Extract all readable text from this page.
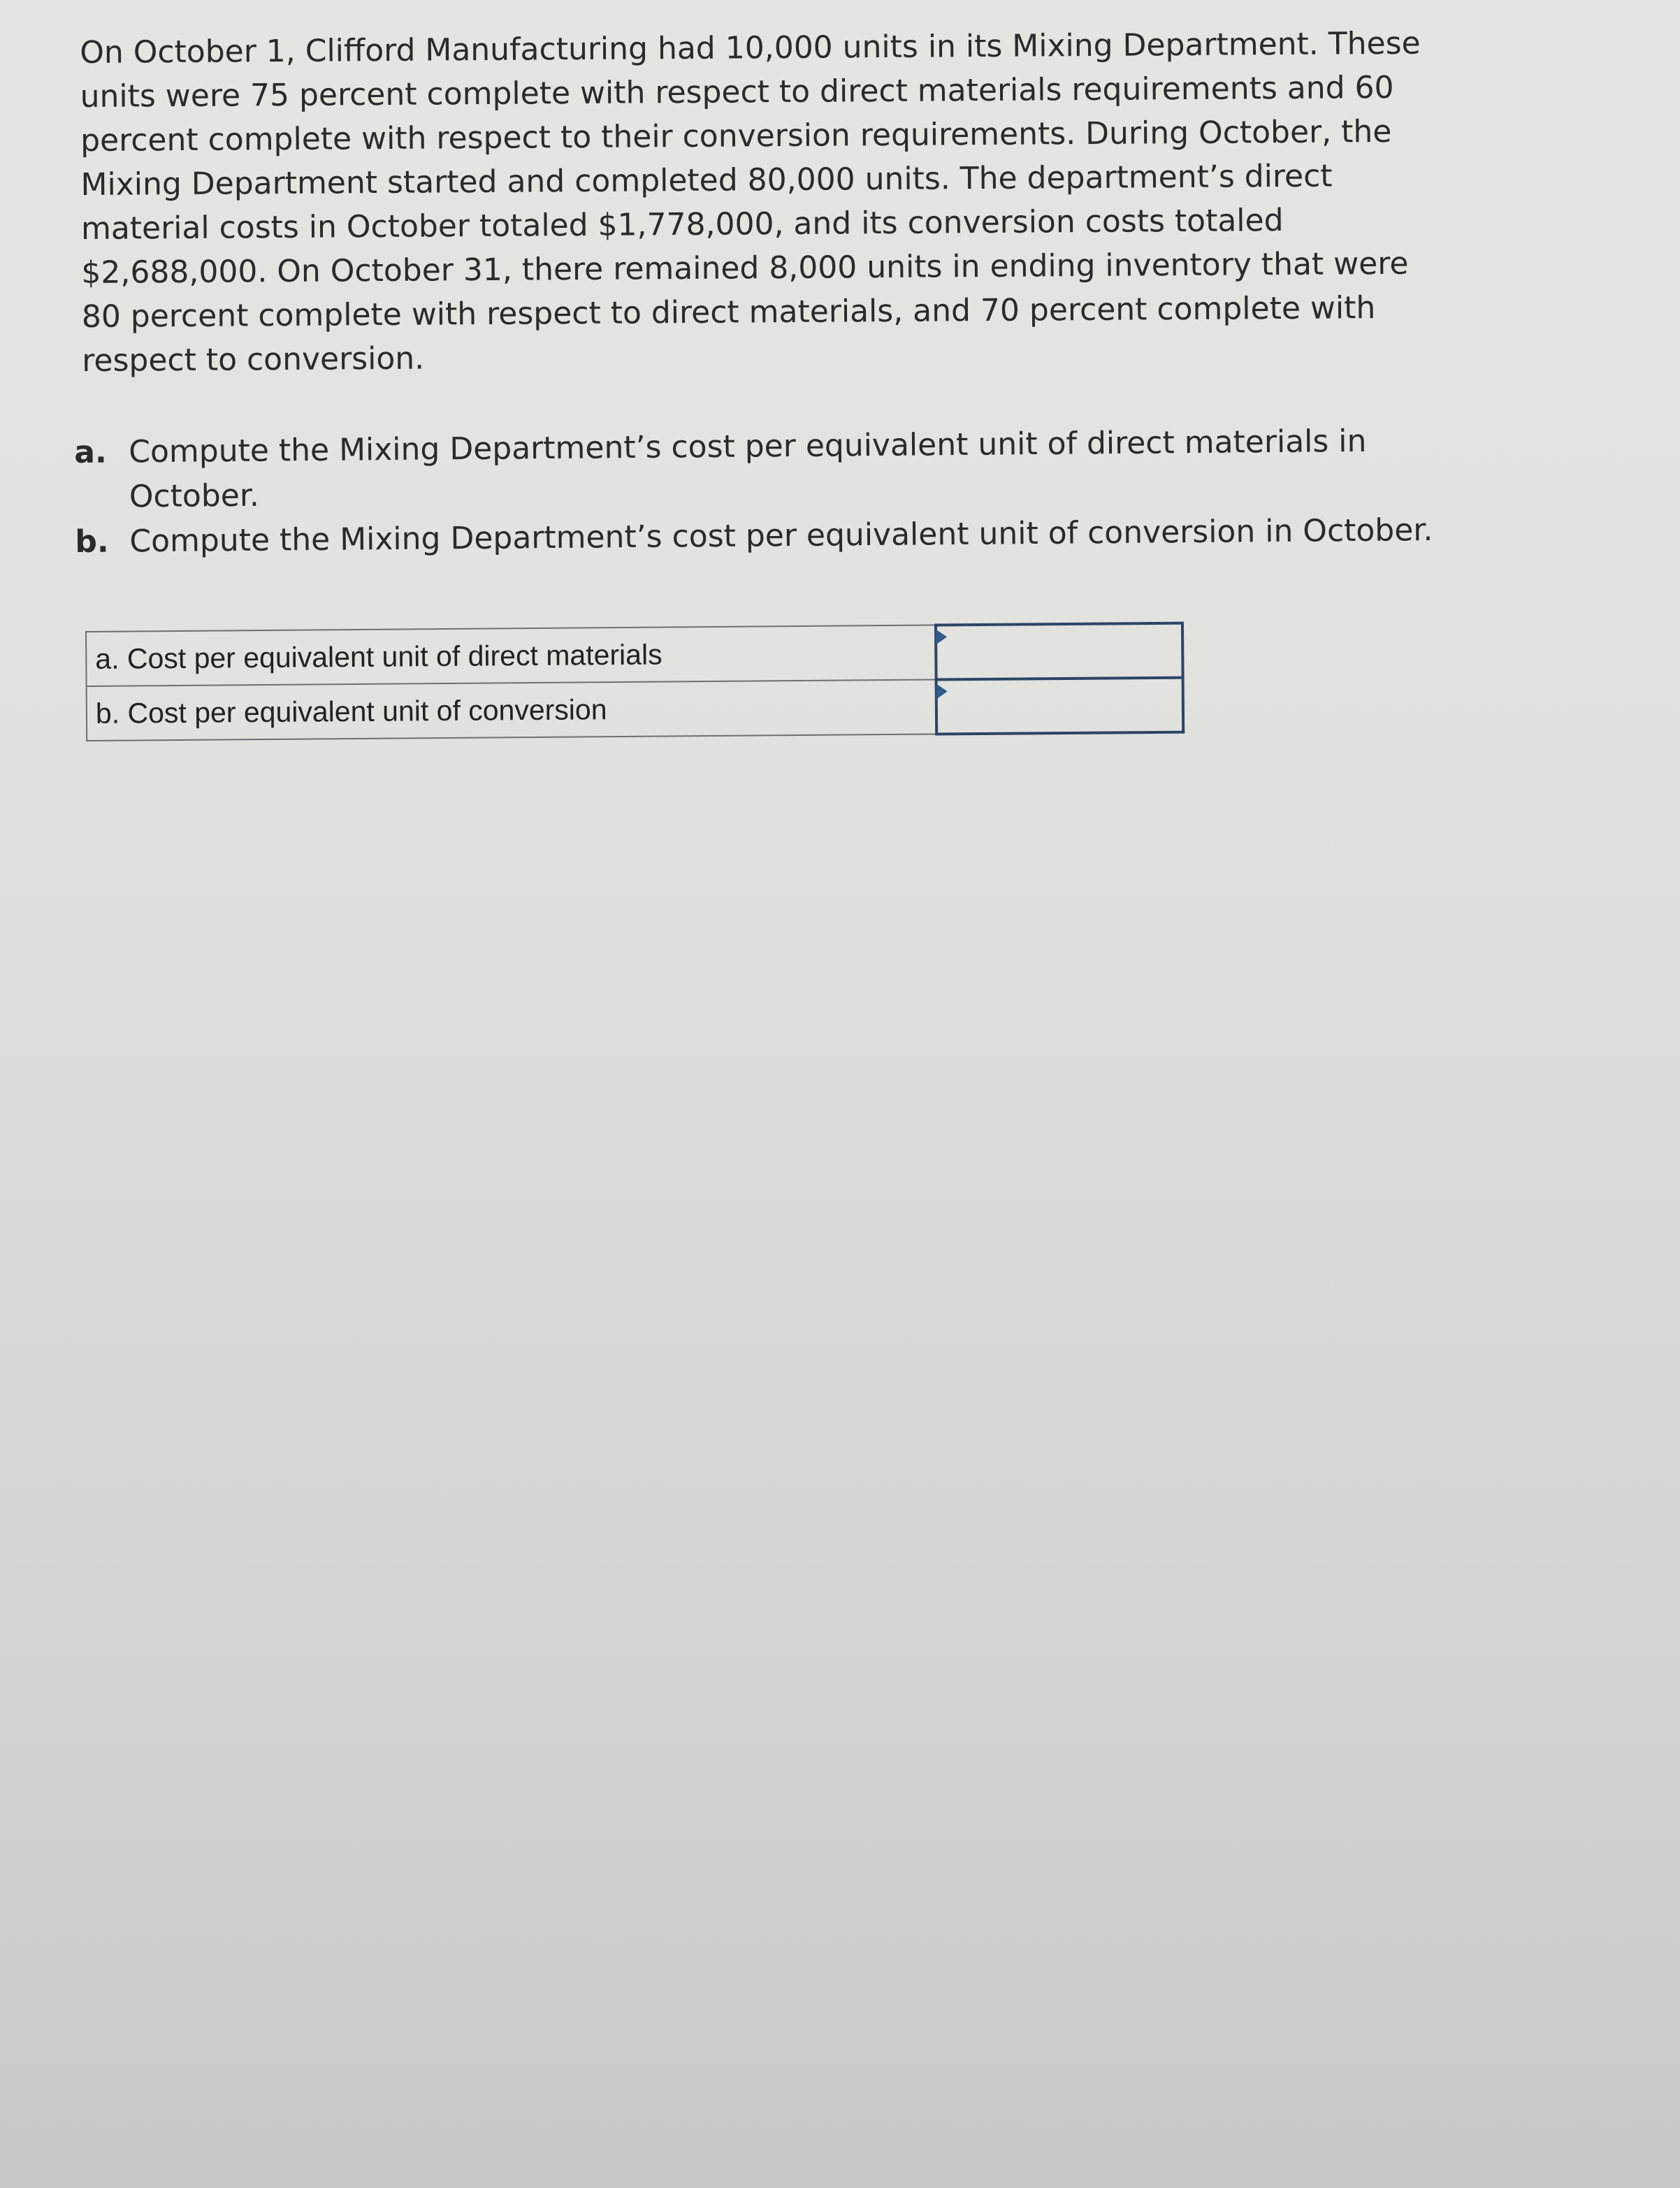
On October 1, Clifford Manufacturing had 10,000 units in its Mixing Department. These
units were 75 percent complete with respect to direct materials requirements and 60
percent complete with respect to their conversion requirements. During October, the
Mixing Department started and completed 80,000 units. The department’s direct
material costs in October totaled $1,778,000, and its conversion costs totaled
$2,688,000. On October 31, there remained 8,000 units in ending inventory that were
80 percent complete with respect to direct materials, and 70 percent complete with
respect to conversion.
a. Compute the Mixing Department’s cost per equivalent unit of direct materials in
October.
b. Compute the Mixing Department’s cost per equivalent unit of conversion in October.
a. Cost per equivalent unit of direct materials	

b. Cost per equivalent unit of conversion	
